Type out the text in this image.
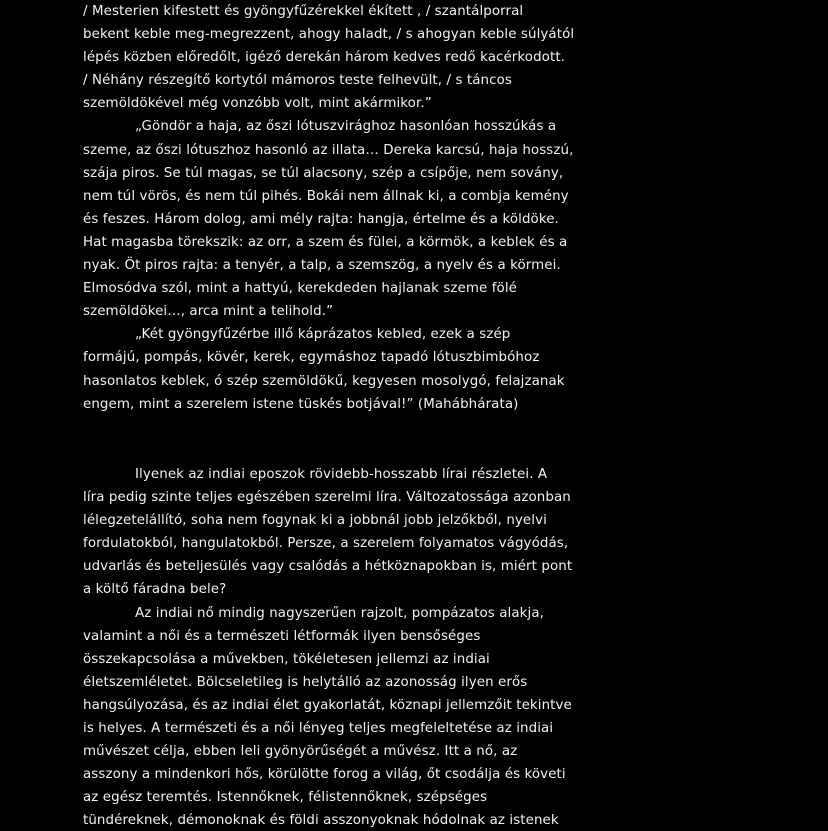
/ Mesterien kifestett és gyöngyfűzérekkel ékített , / szantálporral
bekent keble meg-megrezzent, ahogy haladt, / s ahogyan keble súlyától
lépés közben előredőlt, igéző derekán három kedves redő kacérkodott.
/ Néhány részegítő kortytól mámoros teste felhevült, / s táncos
szemöldökével még vonzóbb volt, mint akármikor.”
„Göndör a haja, az őszi lótuszvirághoz hasonlóan hosszúkás a
szeme, az őszi lótuszhoz hasonló az illata… Dereka karcsú, haja hosszú,
szája piros. Se túl magas, se túl alacsony, szép a csípője, nem sovány,
nem túl vörös, és nem túl pihés. Bokái nem állnak ki, a combja kemény
és feszes. Három dolog, ami mély rajta: hangja, értelme és a köldöke.
Hat magasba törekszik: az orr, a szem és fülei, a körmök, a keblek és a
nyak. Öt piros rajta: a tenyér, a talp, a szemszög, a nyelv és a körmei.
Elmosódva szól, mint a hattyú, kerekdeden hajlanak szeme fölé
szemöldökei…, arca mint a telihold.”
„Két gyöngyfűzérbe illő káprázatos kebled, ezek a szép
formájú, pompás, kövér, kerek, egymáshoz tapadó lótuszbimbóhoz
hasonlatos keblek, ó szép szemöldökű, kegyesen mosolygó, felajzanak
engem, mint a szerelem istene tüskés botjával!” (Mahábhárata)
Ilyenek az indiai eposzok rövidebb-hosszabb lírai részletei. A
líra pedig szinte teljes egészében szerelmi líra. Változatossága azonban
lélegzetelállító, soha nem fogynak ki a jobbnál jobb jelzőkből, nyelvi
fordulatokból, hangulatokból. Persze, a szerelem folyamatos vágyódás,
udvarlás és beteljesülés vagy csalódás a hétköznapokban is, miért pont
a költő fáradna bele?
Az indiai nő mindig nagyszerűen rajzolt, pompázatos alakja,
valamint a női és a természeti létformák ilyen bensőséges
összekapcsolása a művekben, tökéletesen jellemzi az indiai
életszemléletet. Bölcseletileg is helytálló az azonosság ilyen erős
hangsúlyozása, és az indiai élet gyakorlatát, köznapi jellemzőit tekintve
is helyes. A természeti és a női lényeg teljes megfeleltetése az indiai
művészet célja, ebben leli gyönyörűségét a művész. Itt a nő, az
asszony a mindenkori hős, körülötte forog a világ, őt csodálja és követi
az egész teremtés. Istennőknek, félistennőknek, szépséges
tündéreknek, démonoknak és földi asszonyoknak hódolnak az istenek
